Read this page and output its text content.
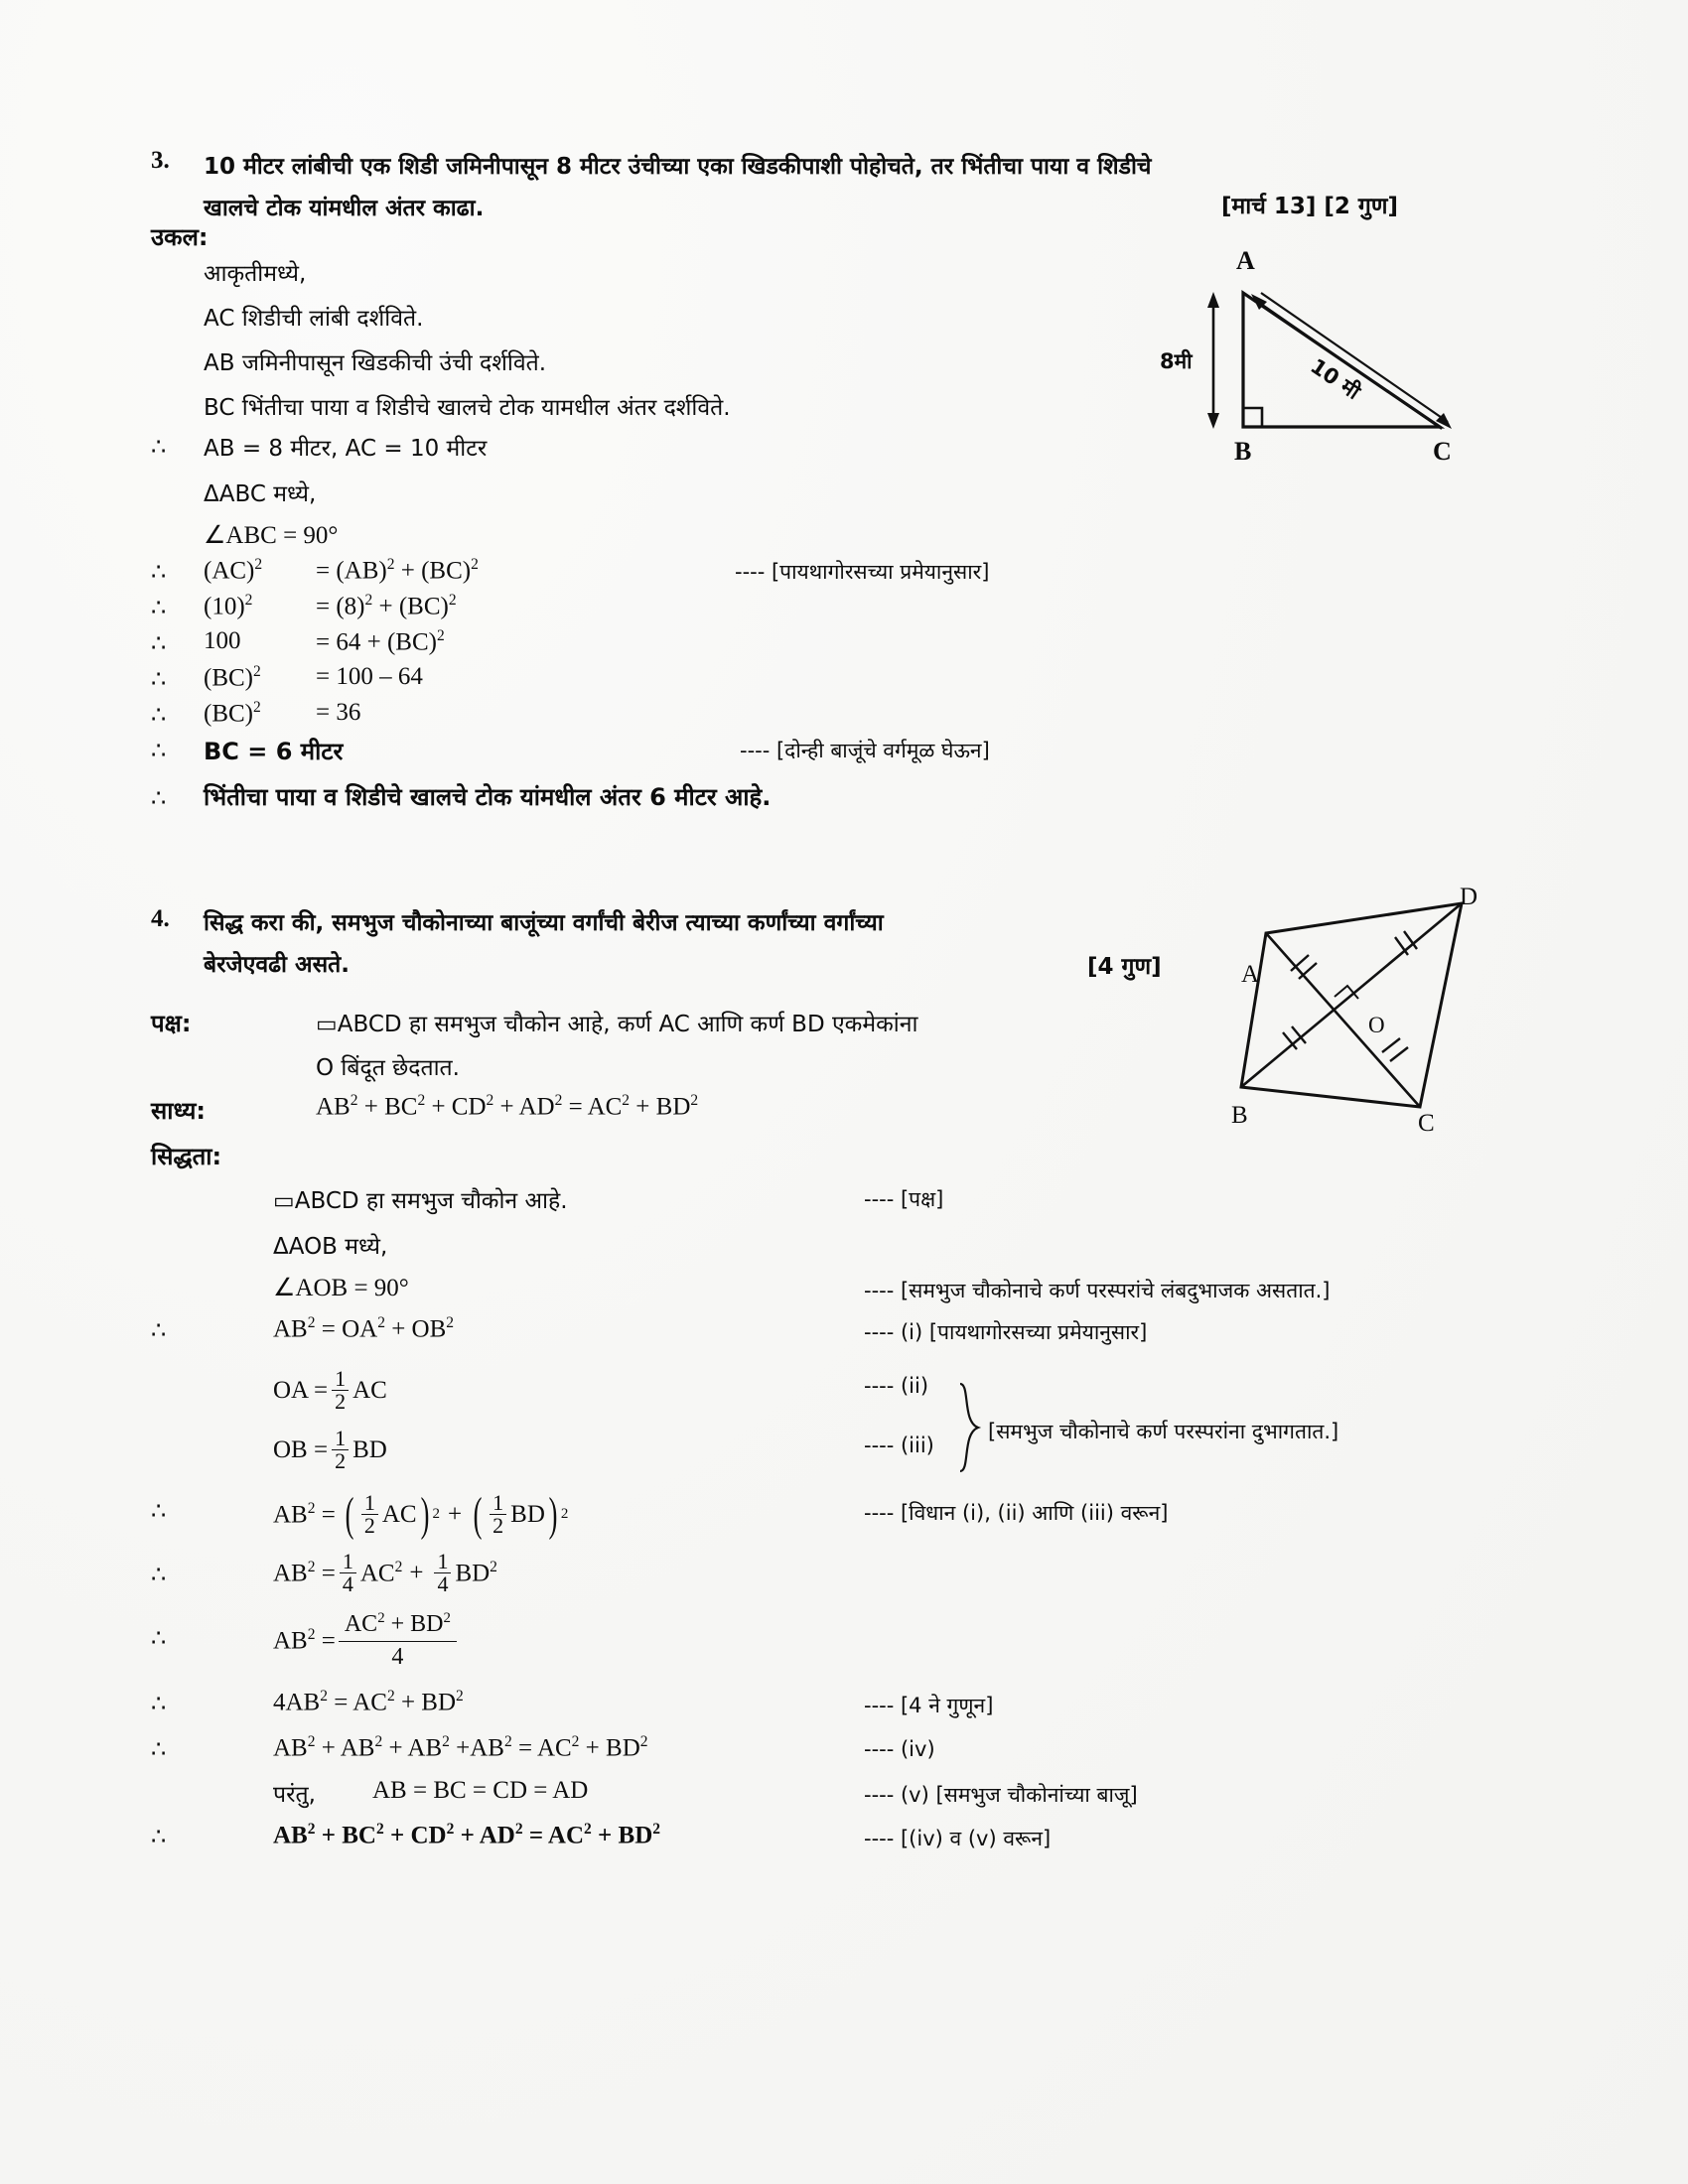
3. 10 मीटर लांबीची एक शिडी जमिनीपासून 8 मीटर उंचीच्या एका खिडकीपाशी पोहोचते, तर भिंतीचा पाया व शिडीचे
खालचे टोक यांमधील अंतर काढा.	[मार्च 13] [2 गुण]
उकल:
आकृतीमध्ये,
AC शिडीची लांबी दर्शविते.
AB जमिनीपासून खिडकीची उंची दर्शविते.
BC भिंतीचा पाया व शिडीचे खालचे टोक यामधील अंतर दर्शविते.
∴ AB = 8 मीटर, AC = 10 मीटर
ΔABC मध्ये,
∠ABC = 90°
∴ (AC)$^2$	= (AB)$^2$ + (BC)$^2$	---- [पायथागोरसच्या प्रमेयानुसार]
∴ $(10)^2$	= $(8)^2 + (BC)^2$
∴ 100	= 64 + (BC)$^2$
∴ (BC)$^2$ = 100 – 64
∴ (BC)$^2$ = 36
∴ BC = 6 मीटर	---- [दोन्ही बाजूंचे वर्गमूळ घेऊन]
∴ भिंतीचा पाया व शिडीचे खालचे टोक यांमधील अंतर 6 मीटर आहे.
A
B	C
8मी	10 मी
4. सिद्ध करा की, समभुज चौकोनाच्या बाजूंच्या वर्गांची बेरीज त्याच्या कर्णांच्या वर्गांच्या
बेरजेएवढी असते.	[4 गुण]
पक्ष:	▭ABCD हा समभुज चौकोन आहे, कर्ण AC आणि कर्ण BD एकमेकांना
O बिंदूत छेदतात.
साध्य:	$AB^2 + BC^2 + CD^2 + AD^2 = AC^2 + BD^2$
सिद्धता:
▭ABCD हा समभुज चौकोन आहे.	---- [पक्ष]
ΔAOB मध्ये,
∠AOB = 90°	---- [समभुज चौकोनाचे कर्ण परस्परांचे लंबदुभाजक असतात.]
∴	$AB^2 = OA^2 + OB^2$	---- (i) [पायथागोरसच्या प्रमेयानुसार]
OA = $\frac{1}{2}$ AC	---- (ii)
OB = $\frac{1}{2}$ BD	---- (iii)
[समभुज चौकोनाचे कर्ण परस्परांना दुभागतात.]
∴	$AB^2$ = ( $\frac{1}{2}$ AC ) 2 + ( $\frac{1}{2}$ BD ) 2	---- [विधान (i), (ii) आणि (iii) वरून]
∴	$AB^2 = \frac{1}{4} AC^2 + \frac{1}{4} BD^2$
∴	$AB^2 = \frac{AC^2 + BD^2}{4}$
∴	$4AB^2 = AC^2 + BD^2$	---- [4 ने गुणून]
∴	$AB^2 + AB^2 + AB^2 +AB^2 = AC^2 + BD^2$	---- (iv)
परंतु, AB = BC = CD = AD	---- (v) [समभुज चौकोनांच्या बाजू]
∴	$AB^2 + BC^2 + CD^2 + AD^2 = AC^2 + BD^2$	---- [(iv) व (v) वरून]
A
D
C
B
O
